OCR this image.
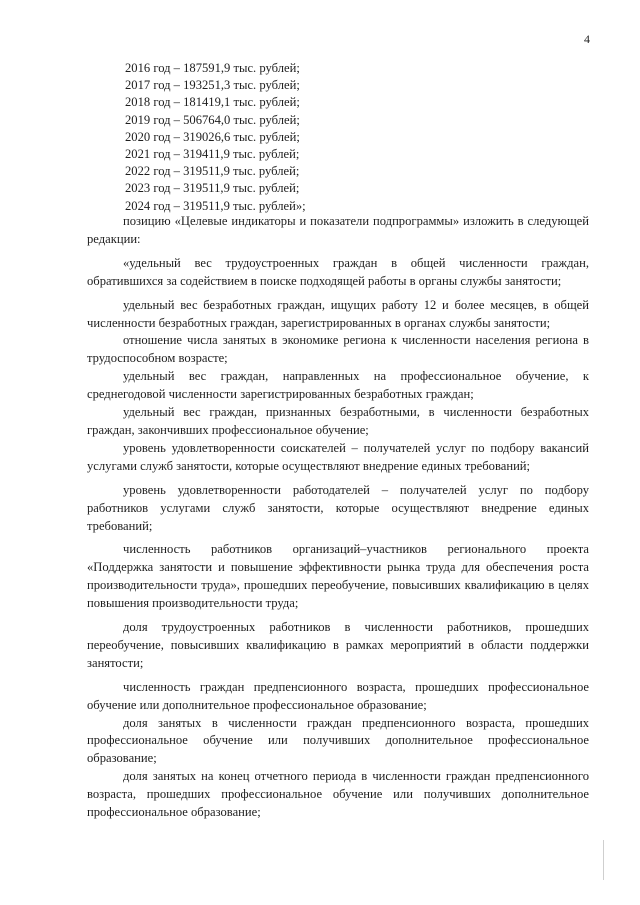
4
2016 год – 187591,9 тыс. рублей;
2017 год – 193251,3 тыс. рублей;
2018 год – 181419,1 тыс. рублей;
2019 год – 506764,0 тыс. рублей;
2020 год – 319026,6 тыс. рублей;
2021 год – 319411,9 тыс. рублей;
2022 год – 319511,9 тыс. рублей;
2023 год – 319511,9 тыс. рублей;
2024 год – 319511,9 тыс. рублей»;

позицию «Целевые индикаторы и показатели подпрограммы» изложить в следующей редакции:

«удельный вес трудоустроенных граждан в общей численности граждан, обратившихся за содействием в поиске подходящей работы в органы службы занятости;

удельный вес безработных граждан, ищущих работу 12 и более месяцев, в общей численности безработных граждан, зарегистрированных в органах службы занятости;

отношение числа занятых в экономике региона к численности населения региона в трудоспособном возрасте;

удельный вес граждан, направленных на профессиональное обучение, к среднегодовой численности зарегистрированных безработных граждан;

удельный вес граждан, признанных безработными, в численности безработных граждан, закончивших профессиональное обучение;

уровень удовлетворенности соискателей – получателей услуг по подбору вакансий услугами служб занятости, которые осуществляют внедрение единых требований;

уровень удовлетворенности работодателей – получателей услуг по подбору работников услугами служб занятости, которые осуществляют внедрение единых требований;

численность работников организаций–участников регионального проекта «Поддержка занятости и повышение эффективности рынка труда для обеспечения роста производительности труда», прошедших переобучение, повысивших квалификацию в целях повышения производительности труда;

доля трудоустроенных работников в численности работников, прошедших переобучение, повысивших квалификацию в рамках мероприятий в области поддержки занятости;

численность граждан предпенсионного возраста, прошедших профессиональное обучение или дополнительное профессиональное образование;

доля занятых в численности граждан предпенсионного возраста, прошедших профессиональное обучение или получивших дополнительное профессиональное образование;

доля занятых на конец отчетного периода в численности граждан предпенсионного возраста, прошедших профессиональное обучение или получивших дополнительное профессиональное образование;
